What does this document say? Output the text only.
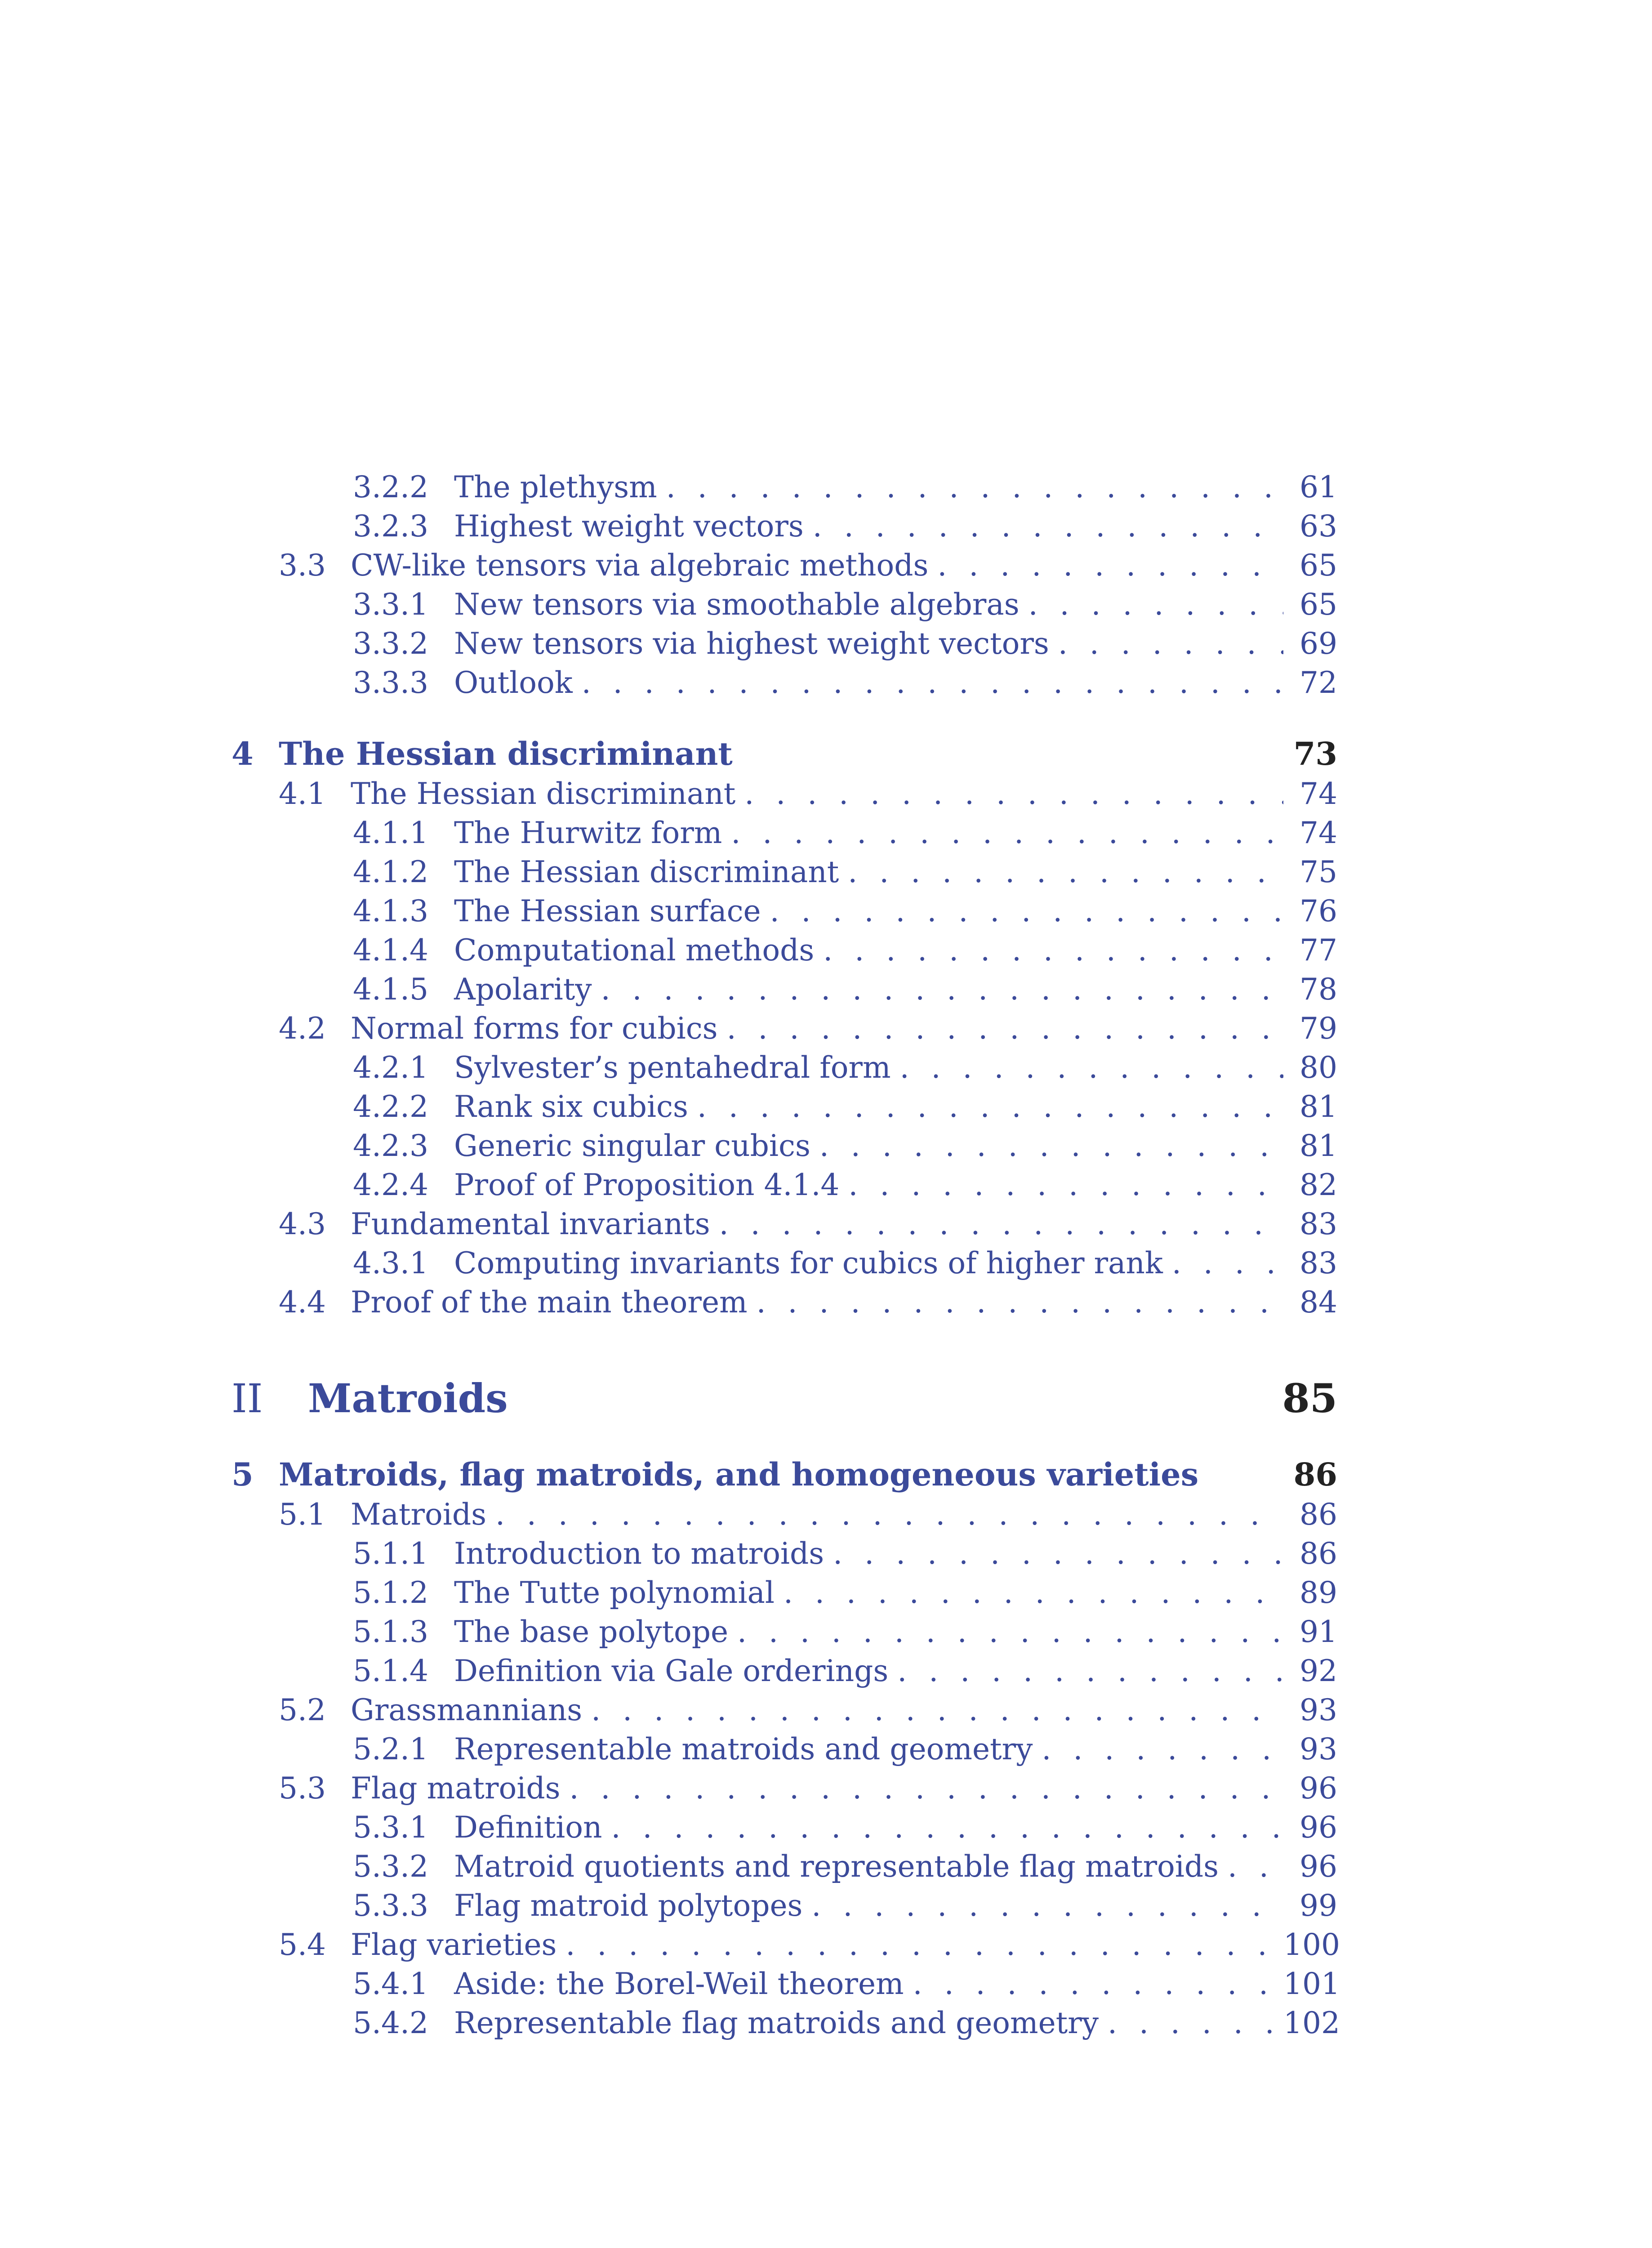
3.2.2 The plethysm . . .	61
3.2.3 Highest weight vectors . . .	63
3.3 CW-like tensors via algebraic methods . . .	65
3.3.1 New tensors via smoothable algebras . . .	65
3.3.2 New tensors via highest weight vectors . . .	69
3.3.3 Outlook . . .	72
4 The Hessian discriminant	73
4.1 The Hessian discriminant . . .	74
4.1.1 The Hurwitz form . . .	74
4.1.2 The Hessian discriminant . . .	75
4.1.3 The Hessian surface . . .	76
4.1.4 Computational methods . . .	77
4.1.5 Apolarity . . .	78
4.2 Normal forms for cubics . . .	79
4.2.1 Sylvester’s pentahedral form . . .	80
4.2.2 Rank six cubics . . .	81
4.2.3 Generic singular cubics . . .	81
4.2.4 Proof of Proposition 4.1.4 . . .	82
4.3 Fundamental invariants . . .	83
4.3.1 Computing invariants for cubics of higher rank . . .	83
4.4 Proof of the main theorem . . .	84
II	Matroids	85
5 Matroids, flag matroids, and homogeneous varieties	86
5.1 Matroids . . .	86
5.1.1 Introduction to matroids . . .	86
5.1.2 The Tutte polynomial . . .	89
5.1.3 The base polytope . . .	91
5.1.4 Definition via Gale orderings . . .	92
5.2 Grassmannians . . .	93
5.2.1 Representable matroids and geometry . . .	93
5.3 Flag matroids . . .	96
5.3.1 Definition . . .	96
5.3.2 Matroid quotients and representable flag matroids . . .	96
5.3.3 Flag matroid polytopes . . .	99
5.4 Flag varieties . . .	100
5.4.1 Aside: the Borel-Weil theorem . . .	101
5.4.2 Representable flag matroids and geometry . . .	102
